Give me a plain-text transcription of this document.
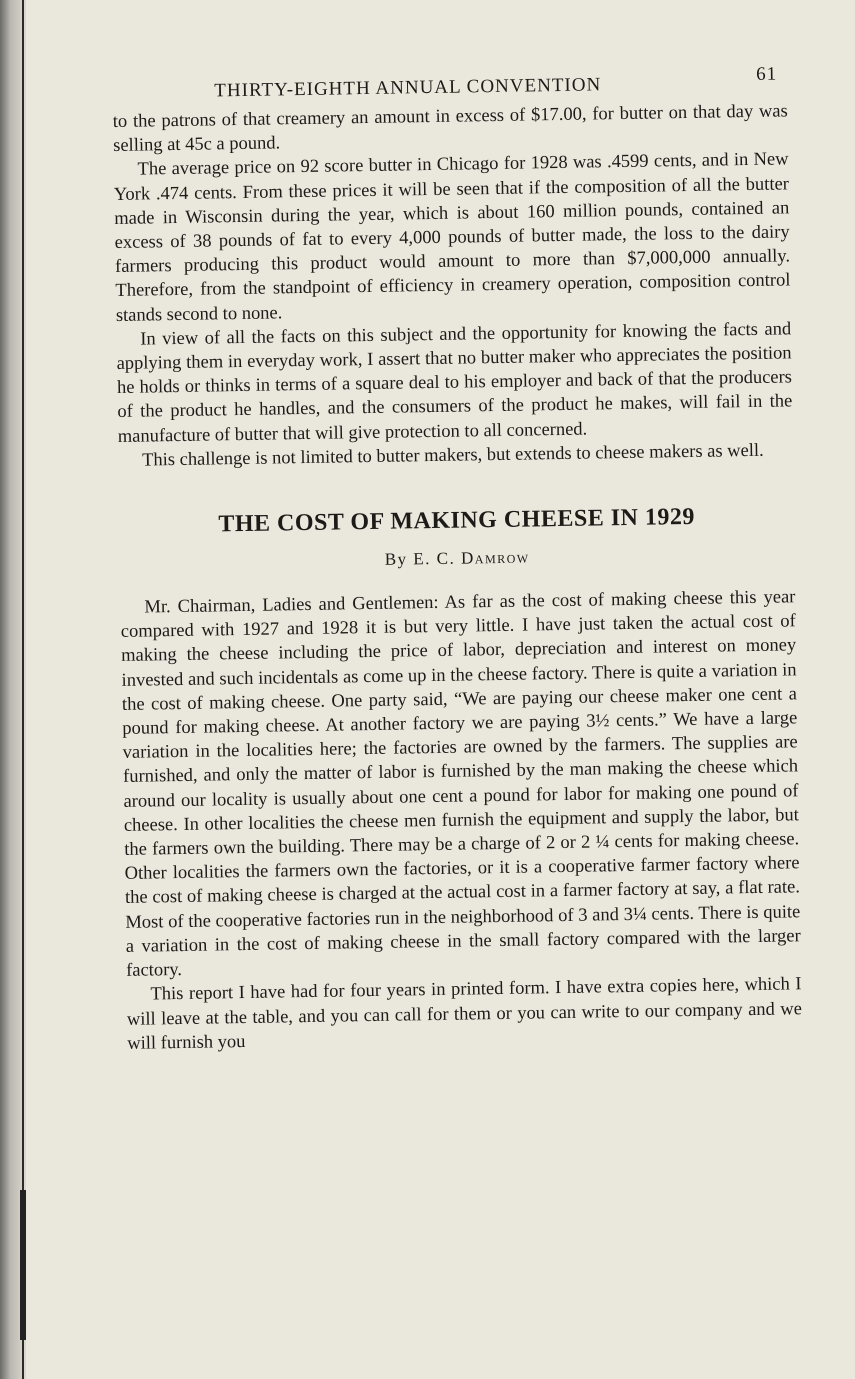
THIRTY-EIGHTH ANNUAL CONVENTION
61

to the patrons of that creamery an amount in excess of $17.00, for butter on that day was selling at 45c a pound.

The average price on 92 score butter in Chicago for 1928 was .4599 cents, and in New York .474 cents. From these prices it will be seen that if the composition of all the butter made in Wisconsin during the year, which is about 160 million pounds, contained an excess of 38 pounds of fat to every 4,000 pounds of butter made, the loss to the dairy farmers producing this product would amount to more than $7,000,000 annually. Therefore, from the standpoint of efficiency in creamery operation, composition control stands second to none.

In view of all the facts on this subject and the opportunity for knowing the facts and applying them in everyday work, I assert that no butter maker who appreciates the position he holds or thinks in terms of a square deal to his employer and back of that the producers of the product he handles, and the consumers of the product he makes, will fail in the manufacture of butter that will give protection to all concerned.

This challenge is not limited to butter makers, but extends to cheese makers as well.

THE COST OF MAKING CHEESE IN 1929
By E. C. Damrow

Mr. Chairman, Ladies and Gentlemen: As far as the cost of making cheese this year compared with 1927 and 1928 it is but very little. I have just taken the actual cost of making the cheese including the price of labor, depreciation and interest on money invested and such incidentals as come up in the cheese factory. There is quite a variation in the cost of making cheese. One party said, “We are paying our cheese maker one cent a pound for making cheese. At another factory we are paying 3½ cents.” We have a large variation in the localities here; the factories are owned by the farmers. The supplies are furnished, and only the matter of labor is furnished by the man making the cheese which around our locality is usually about one cent a pound for labor for making one pound of cheese. In other localities the cheese men furnish the equipment and supply the labor, but the farmers own the building. There may be a charge of 2 or 2 ¼ cents for making cheese. Other localities the farmers own the factories, or it is a cooperative farmer factory where the cost of making cheese is charged at the actual cost in a farmer factory at say, a flat rate. Most of the cooperative factories run in the neighborhood of 3 and 3¼ cents. There is quite a variation in the cost of making cheese in the small factory compared with the larger factory.

This report I have had for four years in printed form. I have extra copies here, which I will leave at the table, and you can call for them or you can write to our company and we will furnish you
